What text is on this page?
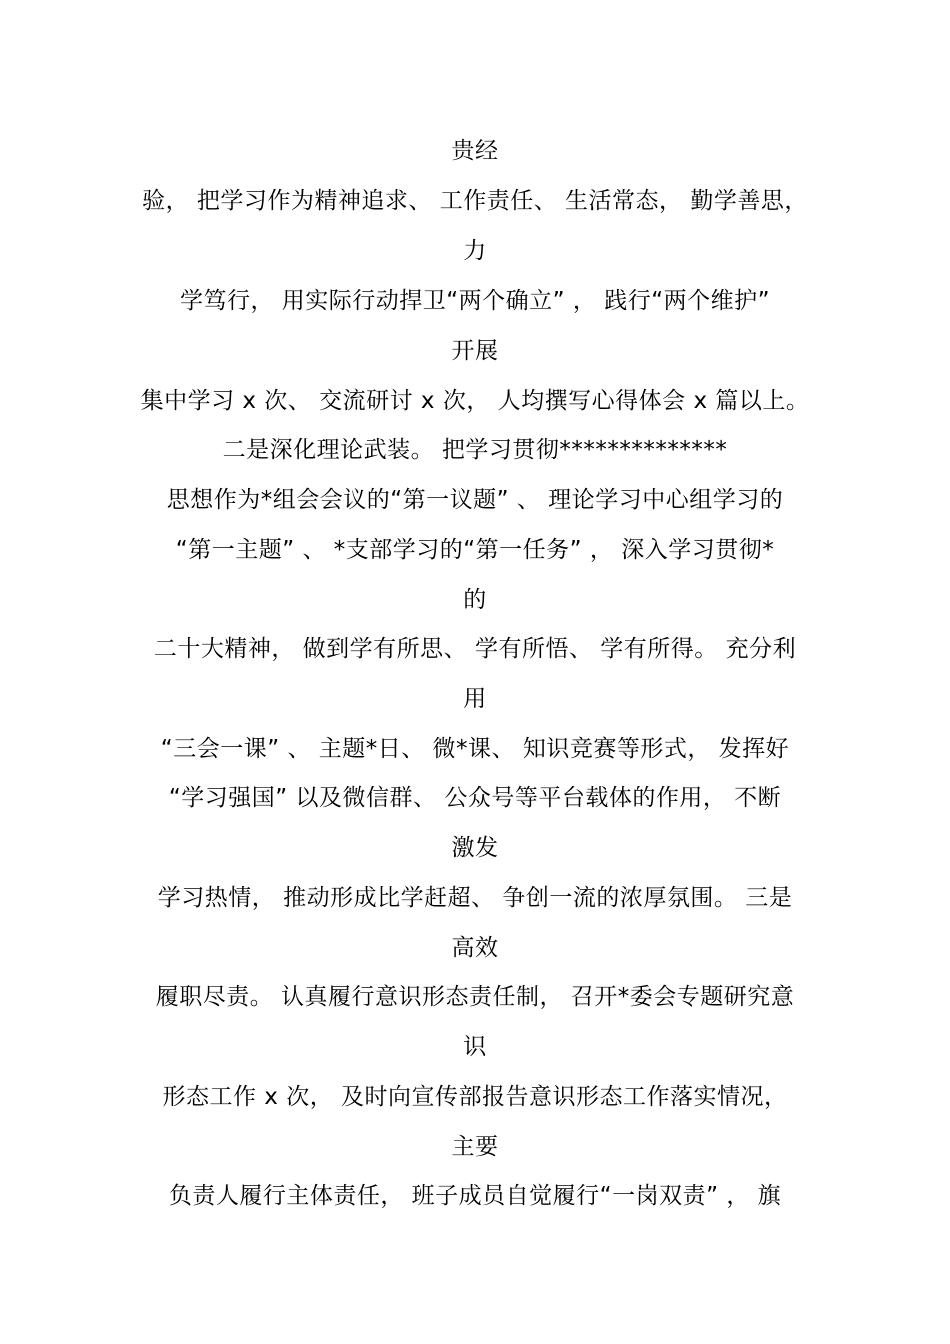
贵经
验， 把学习作为精神追求、 工作责任、 生活常态， 勤学善思，
力
学笃行， 用实际行动捍卫“两个确立” ， 践行“两个维护”
开展
集中学习 x 次、 交流研讨 x 次， 人均撰写心得体会 x 篇以上。
二是深化理论武装。 把学习贯彻**************
思想作为*组会会议的“第一议题” 、 理论学习中心组学习的
“第一主题” 、 *支部学习的“第一任务” ， 深入学习贯彻*
的
二十大精神， 做到学有所思、 学有所悟、 学有所得。 充分利
用
“三会一课” 、 主题*日、 微*课、 知识竞赛等形式， 发挥好
“学习强国” 以及微信群、 公众号等平台载体的作用， 不断
激发
学习热情， 推动形成比学赶超、 争创一流的浓厚氛围。 三是
高效
履职尽责。 认真履行意识形态责任制， 召开*委会专题研究意
识
形态工作 x 次， 及时向宣传部报告意识形态工作落实情况，
主要
负责人履行主体责任， 班子成员自觉履行“一岗双责” ， 旗
